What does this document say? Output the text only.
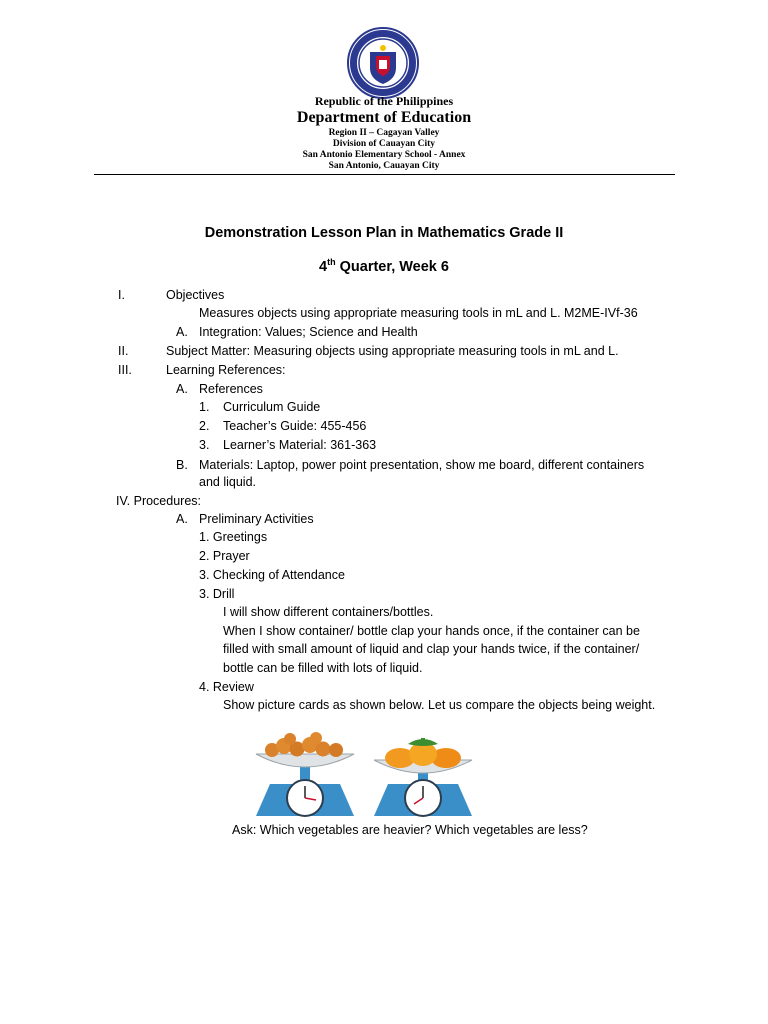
Republic of the Philippines
Department of Education
Region II – Cagayan Valley
Division of Cauayan City
San Antonio Elementary School - Annex
San Antonio, Cauayan City
Demonstration Lesson Plan in Mathematics Grade II
4th Quarter, Week 6
I.	Objectives
Measures objects using appropriate measuring tools in mL and L. M2ME-IVf-36
A. Integration: Values; Science and Health
II.	Subject Matter: Measuring objects using appropriate measuring tools in mL and L.
III.	Learning References:
A. References
1. Curriculum Guide
2. Teacher’s Guide: 455-456
3. Learner’s Material: 361-363
B. Materials: Laptop, power point presentation, show me board, different containers
and liquid.
IV. Procedures:
A. Preliminary Activities
1. Greetings
2. Prayer
3. Checking of Attendance
3. Drill
I will show different containers/bottles.
When I show container/ bottle clap your hands once, if the container can be
filled with small amount of liquid and clap your hands twice, if the container/
bottle can be filled with lots of liquid.
4. Review
Show picture cards as shown below. Let us compare the objects being weight.
Ask: Which vegetables are heavier? Which vegetables are less?
